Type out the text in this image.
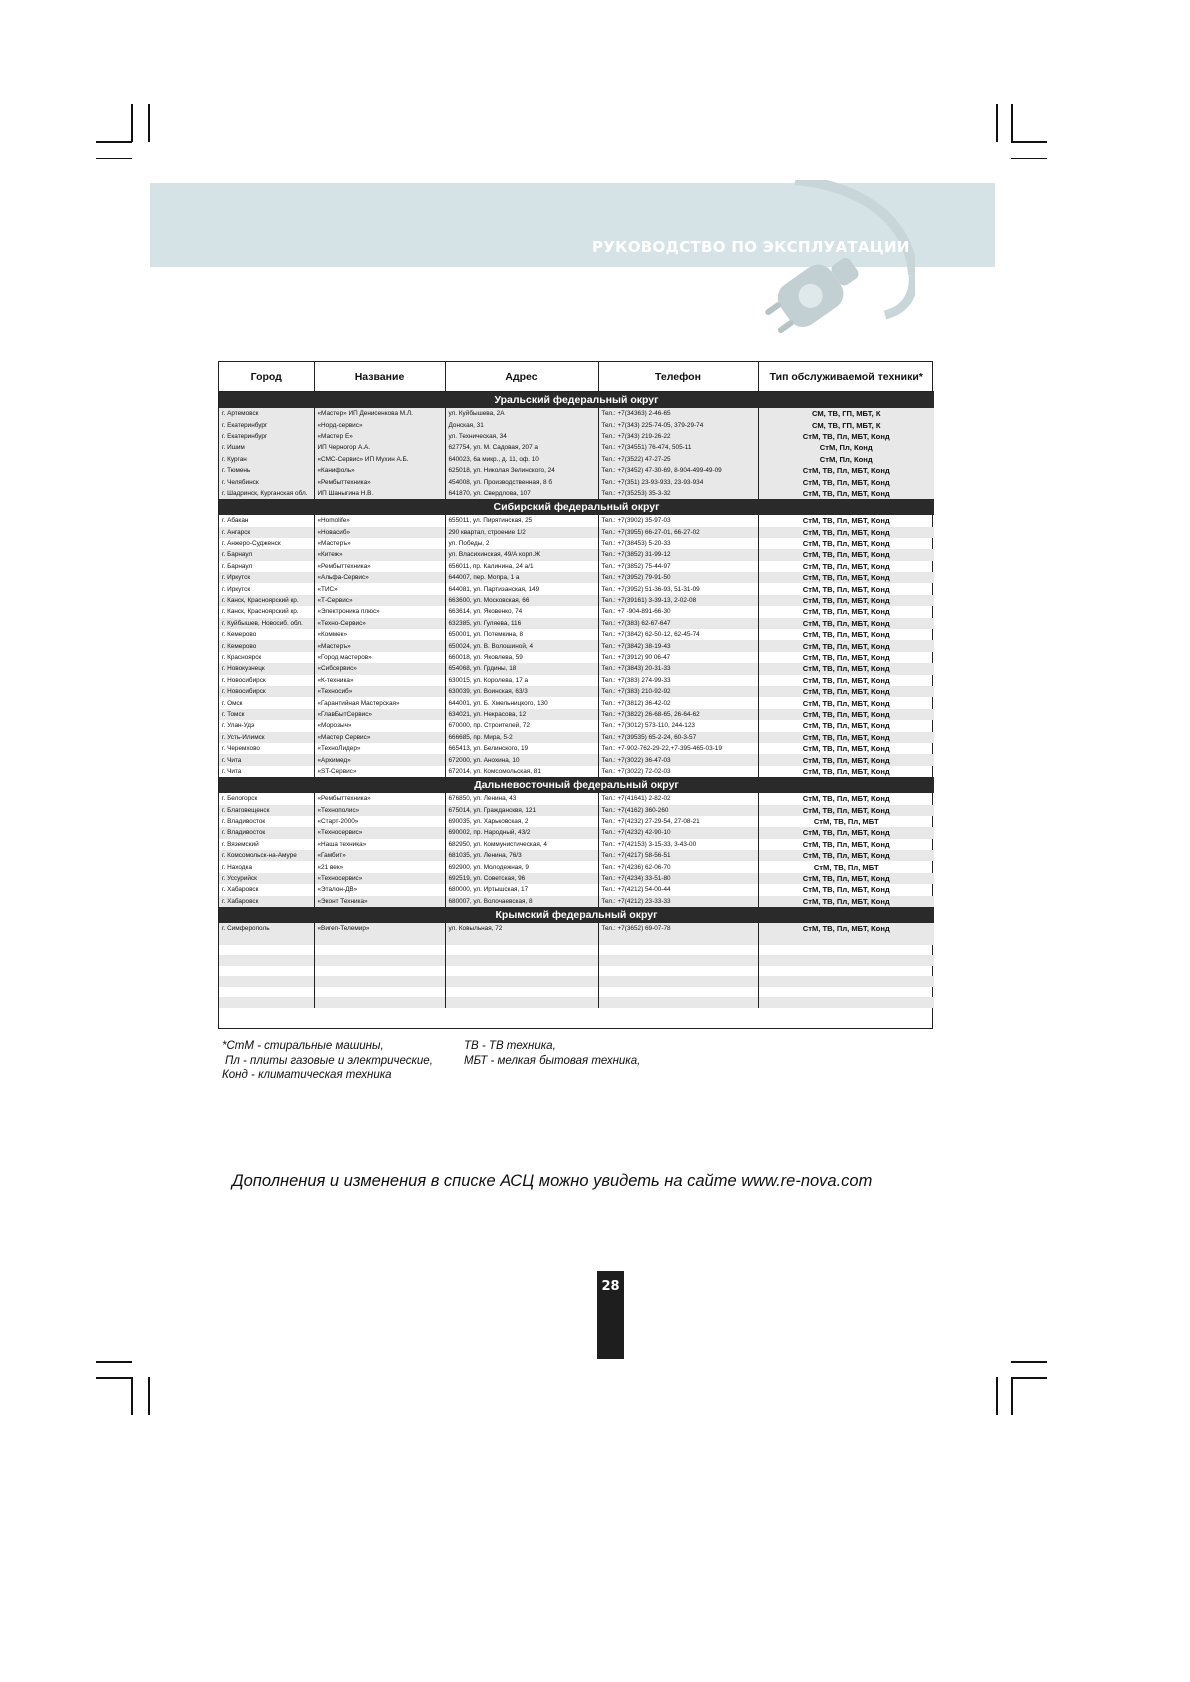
РУКОВОДСТВО ПО ЭКСПЛУАТАЦИИ
Город	Название	Адрес	Телефон	Тип обслуживаемой техники*
Уральский федеральный округ				
г. Артемовск	«Мастер» ИП Денисенкова М.Л.	ул. Куйбышева, 2А	Тел.: +7(34363) 2-46-65	СМ, ТВ, ГП, МБТ, К
г. Екатеринбург	«Норд-сервис»	Донская, 31	Тел.: +7(343) 225-74-05, 379-29-74	СМ, ТВ, ГП, МБТ, К
г. Екатеринбург	«Мастер Е»	ул. Техническая, 34	Тел.: +7(343) 219-26-22	СтМ, ТВ, Пл, МБТ, Конд
г. Ишим	ИП Черногор А.А.	627754, ул. М. Садовая, 207 а	Тел.: +7(34551) 76-474, 505-11	СтМ, Пл, Конд
г. Курган	«СМС-Сервис» ИП Мухин А.Б.	640023, 6а микр., д. 11, оф. 10	Тел.: +7(3522) 47-27-25	СтМ, Пл, Конд
г. Тюмень	«Канифоль»	625018, ул. Николая Зелинского, 24	Тел.: +7(3452) 47-30-69, 8-904-499-49-09	СтМ, ТВ, Пл, МБТ, Конд
г. Челябинск	«Рембыттехника»	454008, ул. Производственная, 8 б	Тел.: +7(351) 23-93-933, 23-93-934	СтМ, ТВ, Пл, МБТ, Конд
г. Шадринск, Курганская обл.	ИП Шаныгина Н.В.	641870, ул. Свердлова, 107	Тел.: +7(35253) 35-3-32	СтМ, ТВ, Пл, МБТ, Конд
Сибирский федеральный округ				
г. Абакан	«Homolife»	655011, ул. Пирятинская, 25	Тел.: +7(3902) 35-97-03	СтМ, ТВ, Пл, МБТ, Конд
г. Ангарск	«Новасиб»	290 квартал, строение 1/2	Тел.: +7(3955) 66-27-01, 66-27-02	СтМ, ТВ, Пл, МБТ, Конд
г. Анжеро-Судженск	«Мастеръ»	ул. Победы, 2	Тел.: +7(38453) 5-20-33	СтМ, ТВ, Пл, МБТ, Конд
г. Барнаул	«Китеж»	ул. Власихинская, 49/А корп.Ж	Тел.: +7(3852) 31-99-12	СтМ, ТВ, Пл, МБТ, Конд
г. Барнаул	«Рембыттехника»	656011, пр. Калинина, 24 а/1	Тел.: +7(3852) 75-44-97	СтМ, ТВ, Пл, МБТ, Конд
г. Иркутск	«Альфа-Сервис»	644007, пер. Мопра, 1 а	Тел.: +7(3952) 79-91-50	СтМ, ТВ, Пл, МБТ, Конд
г. Иркутск	«ТИС»	644081, ул. Партизанская, 149	Тел.: +7(3952) 51-36-93, 51-31-09	СтМ, ТВ, Пл, МБТ, Конд
г. Канск, Красноярский кр.	«Т-Сервис»	663600, ул. Московская, 66	Тел.: +7(39161) 3-39-13, 2-02-08	СтМ, ТВ, Пл, МБТ, Конд
г. Канск, Красноярский кр.	«Электроника плюс»	663614, ул. Яковенко, 74	Тел.: +7 -904-891-66-30	СтМ, ТВ, Пл, МБТ, Конд
г. Куйбышев, Новосиб. обл.	«Техно-Сервис»	632385, ул. Гуляева, 116	Тел.: +7(383) 62-67-647	СтМ, ТВ, Пл, МБТ, Конд
г. Кемерово	«Коммек»	650001, ул. Потемкина, 8	Тел.: +7(3842) 62-50-12, 62-45-74	СтМ, ТВ, Пл, МБТ, Конд
г. Кемерово	«Мастеръ»	650024, ул. В. Волошиной, 4	Тел.: +7(3842) 38-19-43	СтМ, ТВ, Пл, МБТ, Конд
г. Красноярск	«Город мастеров»	660018, ул. Яковлева, 59	Тел.: +7(3912) 90 06-47	СтМ, ТВ, Пл, МБТ, Конд
г. Новокузнецк	«Сибсервис»	654068, ул. Грдины, 18	Тел.: +7(3843) 20-31-33	СтМ, ТВ, Пл, МБТ, Конд
г. Новосибирск	«К-техника»	630015, ул. Королева, 17 а	Тел.: +7(383) 274-99-33	СтМ, ТВ, Пл, МБТ, Конд
г. Новосибирск	«Техносиб»	630039, ул. Воинская, 63/3	Тел.: +7(383) 210-92-92	СтМ, ТВ, Пл, МБТ, Конд
г. Омск	«Гарантийная Мастерская»	644001, ул. Б. Хмельницкого, 130	Тел.: +7(3812) 36-42-02	СтМ, ТВ, Пл, МБТ, Конд
г. Томск	«ГлавБытСервис»	634021, ул. Некрасова, 12	Тел.: +7(3822) 26-68-65, 26-64-62	СтМ, ТВ, Пл, МБТ, Конд
г. Улан-Удэ	«Морозыч»	670000, пр. Строителей, 72	Тел.: +7(3012) 573-110, 244-123	СтМ, ТВ, Пл, МБТ, Конд
г. Усть-Илимск	«Мастер Сервис»	666685, пр. Мира, 5-2	Тел.: +7(39535) 65-2-24, 60-3-57	СтМ, ТВ, Пл, МБТ, Конд
г. Черемхово	«ТехноЛидер»	665413, ул. Белинского, 19	Тел.: +7-902-762-29-22,+7-395-465-03-19	СтМ, ТВ, Пл, МБТ, Конд
г. Чита	«Архимед»	672000, ул. Анохина, 10	Тел.: +7(3022) 36-47-03	СтМ, ТВ, Пл, МБТ, Конд
г. Чита	«ST-Сервис»	672014, ул. Комсомольская, 81	Тел.: +7(3022) 72-02-03	СтМ, ТВ, Пл, МБТ, Конд
Дальневосточный федеральный округ				
г. Белогорск	«Рембыттехника»	676850, ул. Ленина, 43	Тел.: +7(41641) 2-82-02	СтМ, ТВ, Пл, МБТ, Конд
г. Благовещенск	«Технополис»	675014, ул. Граждансквя, 121	Тел.: +7(4162) 360-260	СтМ, ТВ, Пл, МБТ, Конд
г. Владивосток	«Старт-2000»	690035, ул. Харьковская, 2	Тел.: +7(4232) 27-29-54, 27-08-21	СтМ, ТВ, Пл, МБТ
г. Владивосток	«Техносервис»	690002, пр. Народный, 43/2	Тел.: +7(4232) 42-90-10	СтМ, ТВ, Пл, МБТ, Конд
г. Вяземский	«Наша техника»	682950, ул. Коммунистическая, 4	Тел.: +7(42153) 3-15-33, 3-43-00	СтМ, ТВ, Пл, МБТ, Конд
г. Комсомольск-на-Амуре	«Гамбит»	681035, ул. Ленина, 76/3	Тел.: +7(4217) 58-56-51	СтМ, ТВ, Пл, МБТ, Конд
г. Находка	«21 век»	692900, ул. Молодежная, 9	Тел.: +7(4236) 62-06-70	СтМ, ТВ, Пл, МБТ
г. Уссурийск	«Техносервис»	692519, ул. Советская, 96	Тел.: +7(4234) 33-51-80	СтМ, ТВ, Пл, МБТ, Конд
г. Хабаровск	«Эталон-ДВ»	680000, ул. Иртышская, 17	Тел.: +7(4212) 54-00-44	СтМ, ТВ, Пл, МБТ, Конд
г. Хабаровск	«Эконт Техника»	680007, ул. Волочаевская, 8	Тел.: +7(4212) 23-33-33	СтМ, ТВ, Пл, МБТ, Конд
Крымский федеральный округ				
г. Симферополь	«Вигеп-Телемир»	ул. Ковыльная, 72	Тел.: +7(3652) 69-07-78	СтМ, ТВ, Пл, МБТ, Конд

*СтМ - стиральные машины,
Пл - плиты газовые и электрические,
Конд - климатическая техника
ТВ - ТВ техника,
МБТ - мелкая бытовая техника,
Дополнения и изменения в списке АСЦ можно увидеть на сайте www.re-nova.com
28
